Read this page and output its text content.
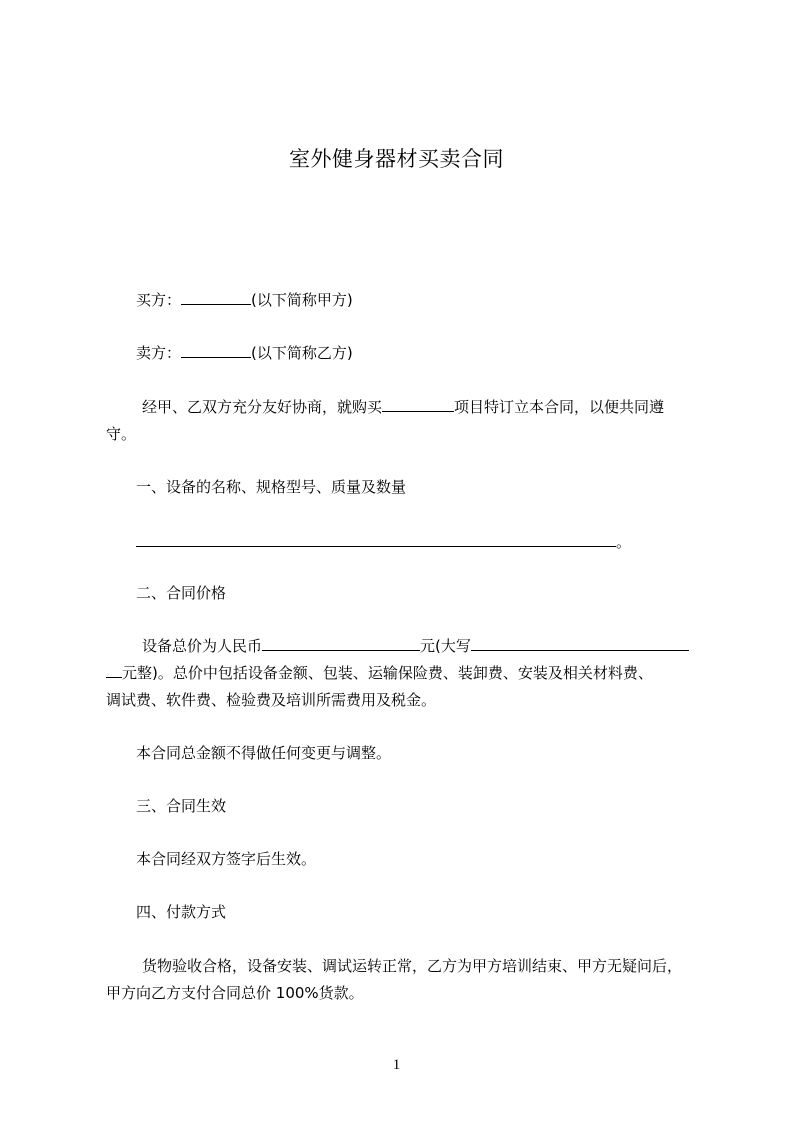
室外健身器材买卖合同
买方：	(以下简称甲方)
卖方：	(以下简称乙方)
经甲、乙双方充分友好协商，就购买	项目特订立本合同，以便共同遵
守。
一、设备的名称、规格型号、质量及数量
。
二、合同价格
设备总价为人民币	元(大写
元整)。总价中包括设备金额、包装、运输保险费、装卸费、安装及相关材料费、
调试费、软件费、检验费及培训所需费用及税金。
本合同总金额不得做任何变更与调整。
三、合同生效
本合同经双方签字后生效。
四、付款方式
货物验收合格，设备安装、调试运转正常，乙方为甲方培训结束、甲方无疑问后，
甲方向乙方支付合同总价 100%货款。
1
